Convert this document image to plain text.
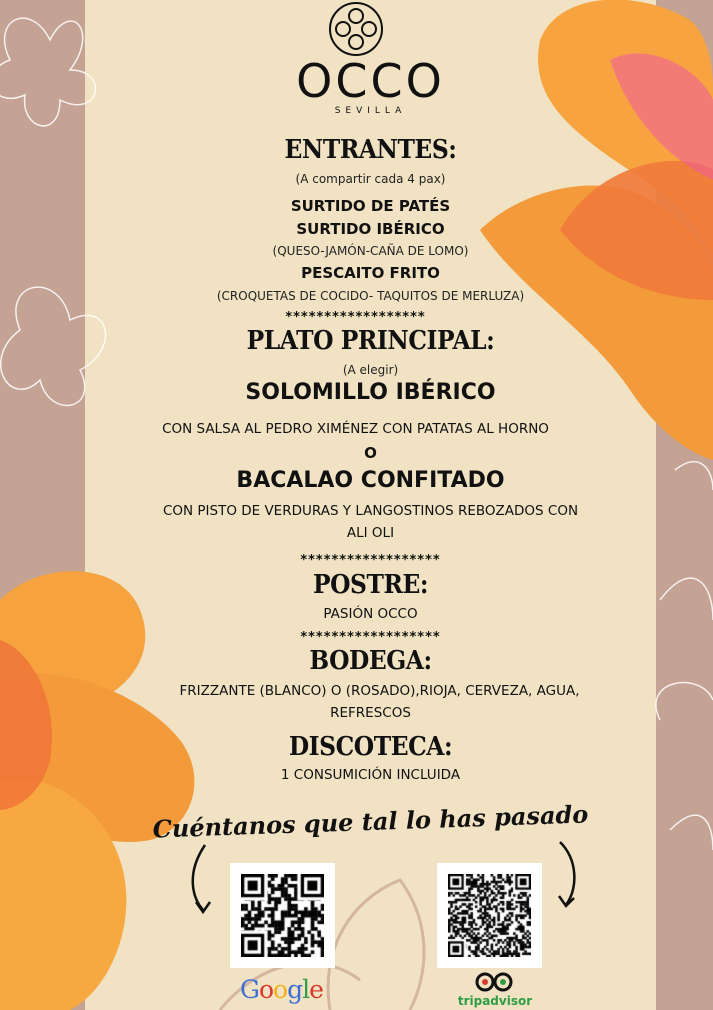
OCCO
SEVILLA
ENTRANTES:
(A compartir cada 4 pax)
SURTIDO DE PATÉS
SURTIDO IBÉRICO
(QUESO-JAMÓN-CAÑA DE LOMO)
PESCAITO FRITO
(CROQUETAS DE COCIDO- TAQUITOS DE MERLUZA)
******************
PLATO PRINCIPAL:
(A elegir)
SOLOMILLO IBÉRICO
CON SALSA AL PEDRO XIMÉNEZ CON PATATAS AL HORNO
O
BACALAO CONFITADO
CON PISTO DE VERDURAS Y LANGOSTINOS REBOZADOS CON
ALI OLI
******************
POSTRE:
PASIÓN OCCO
******************
BODEGA:
FRIZZANTE (BLANCO) O (ROSADO),RIOJA, CERVEZA, AGUA,
REFRESCOS
DISCOTECA:
1 CONSUMICIÓN INCLUIDA
Cuéntanos que tal lo has pasado
Google	tripadvisor
